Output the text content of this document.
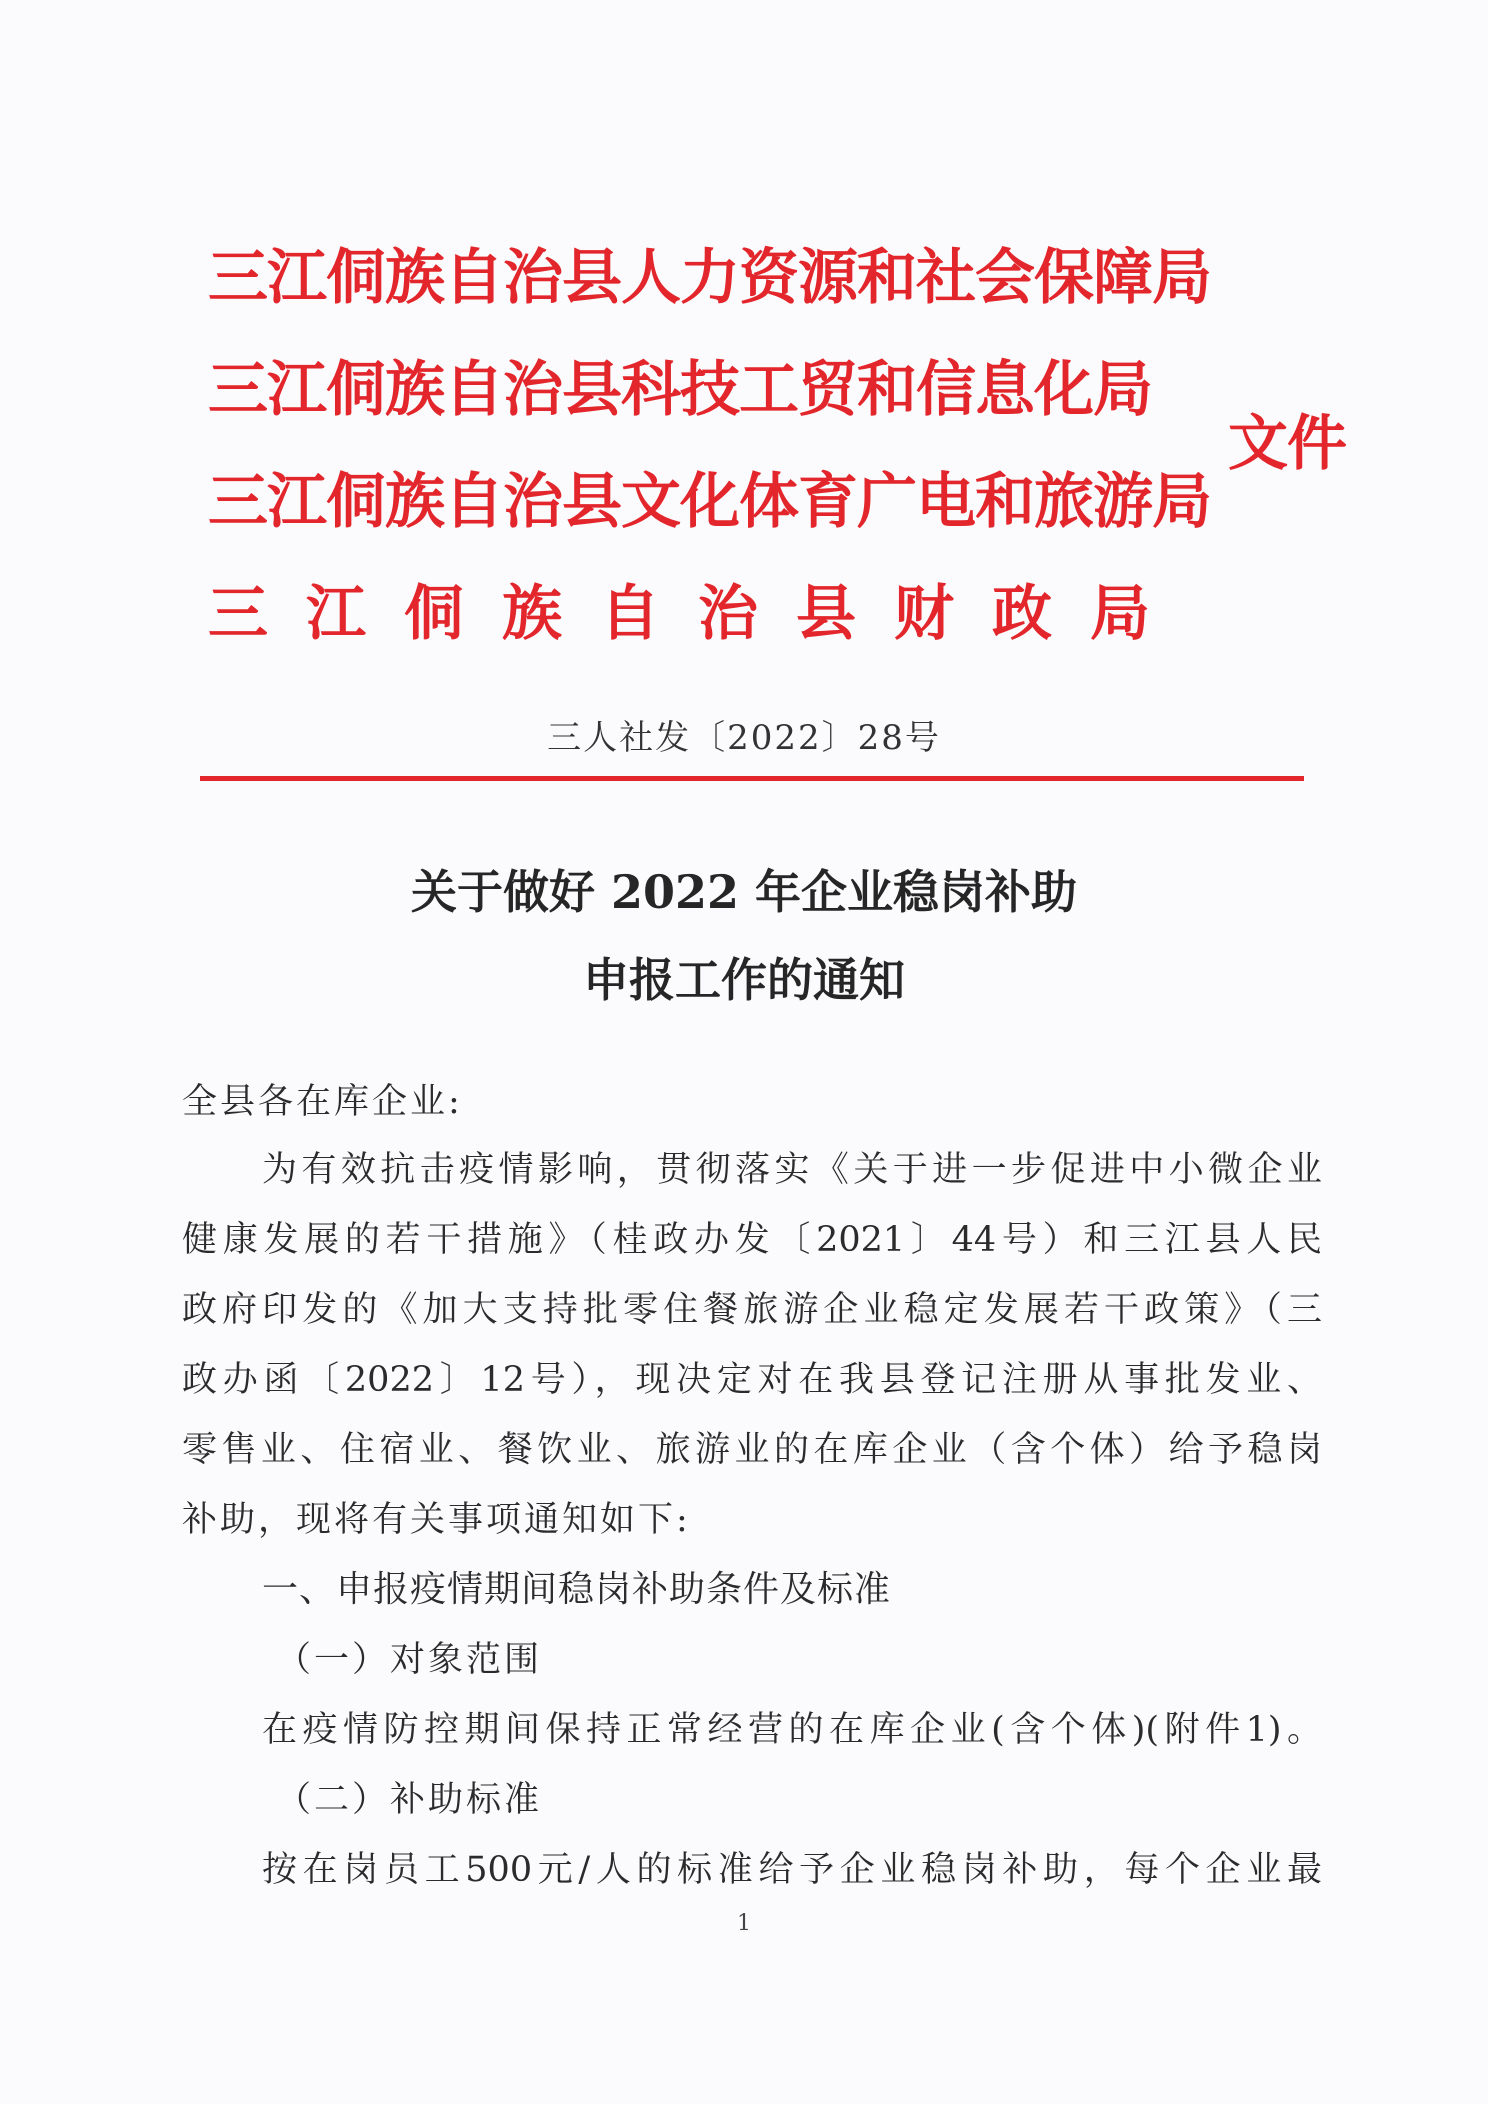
三江侗族自治县人力资源和社会保障局
三江侗族自治县科技工贸和信息化局
三江侗族自治县文化体育广电和旅游局
三江侗族自治县财政局
文件
三人社发〔2022〕28号
关于做好 2022 年企业稳岗补助
申报工作的通知
全县各在库企业:
为有效抗击疫情影响，贯彻落实《关于进一步促进中小微企业
健康发展的若干措施》（桂政办发〔2021〕44号）和三江县人民
政府印发的《加大支持批零住餐旅游企业稳定发展若干政策》（三
政办函〔2022〕12号），现决定对在我县登记注册从事批发业、
零售业、住宿业、餐饮业、旅游业的在库企业（含个体）给予稳岗
补助，现将有关事项通知如下:
一、申报疫情期间稳岗补助条件及标准
（一）对象范围
在疫情防控期间保持正常经营的在库企业(含个体)(附件1)。
（二）补助标准
按在岗员工500元/人的标准给予企业稳岗补助，每个企业最
1
